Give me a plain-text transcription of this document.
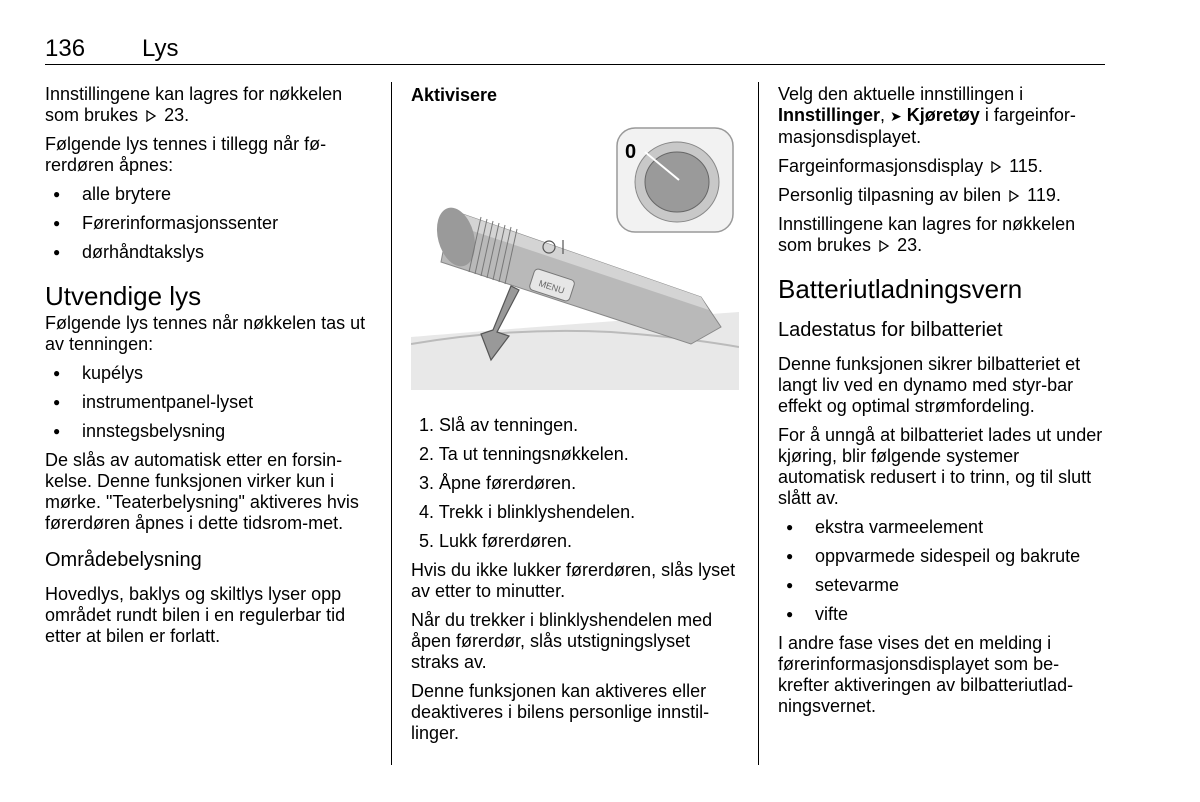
136 Lys

Innstillingene kan lagres for nøkkelen som brukes 23.

Følgende lys tennes i tillegg når fø-rerdøren åpnes:

● alle brytere
● Førerinformasjonssenter
● dørhåndtakslys
Utvendige lys

Følgende lys tennes når nøkkelen tas ut av tenningen:

● kupélys
● instrumentpanel-lyset
● innstegsbelysning

De slås av automatisk etter en forsin-kelse. Denne funksjonen virker kun i mørke. "Teaterbelysning" aktiveres hvis førerdøren åpnes i dette tidsrom-met.

Områdebelysning

Hovedlys, baklys og skiltlys lyser opp området rundt bilen i en regulerbar tid etter at bilen er forlatt.

Aktivisere
MENU
0
1. Slå av tenningen.
2. Ta ut tenningsnøkkelen.
3. Åpne førerdøren.
4. Trekk i blinklyshendelen.
5. Lukk førerdøren.

Hvis du ikke lukker førerdøren, slås lyset av etter to minutter.

Når du trekker i blinklyshendelen med åpen førerdør, slås utstigningslyset straks av.

Denne funksjonen kan aktiveres eller deaktiveres i bilens personlige innstil-linger.

Velg den aktuelle innstillingen i Innstillinger, ➤ Kjøretøy i fargeinfor-masjonsdisplayet.

Fargeinformasjonsdisplay 115.

Personlig tilpasning av bilen 119.

Innstillingene kan lagres for nøkkelen som brukes 23.

Batteriutladningsvern
Ladestatus for bilbatteriet

Denne funksjonen sikrer bilbatteriet et langt liv ved en dynamo med styr-bar effekt og optimal strømfordeling.

For å unngå at bilbatteriet lades ut under kjøring, blir følgende systemer automatisk redusert i to trinn, og til slutt slått av.

● ekstra varmeelement
● oppvarmede sidespeil og bakrute
● setevarme
● vifte

I andre fase vises det en melding i førerinformasjonsdisplayet som be-krefter aktiveringen av bilbatteriutlad-ningsvernet.
